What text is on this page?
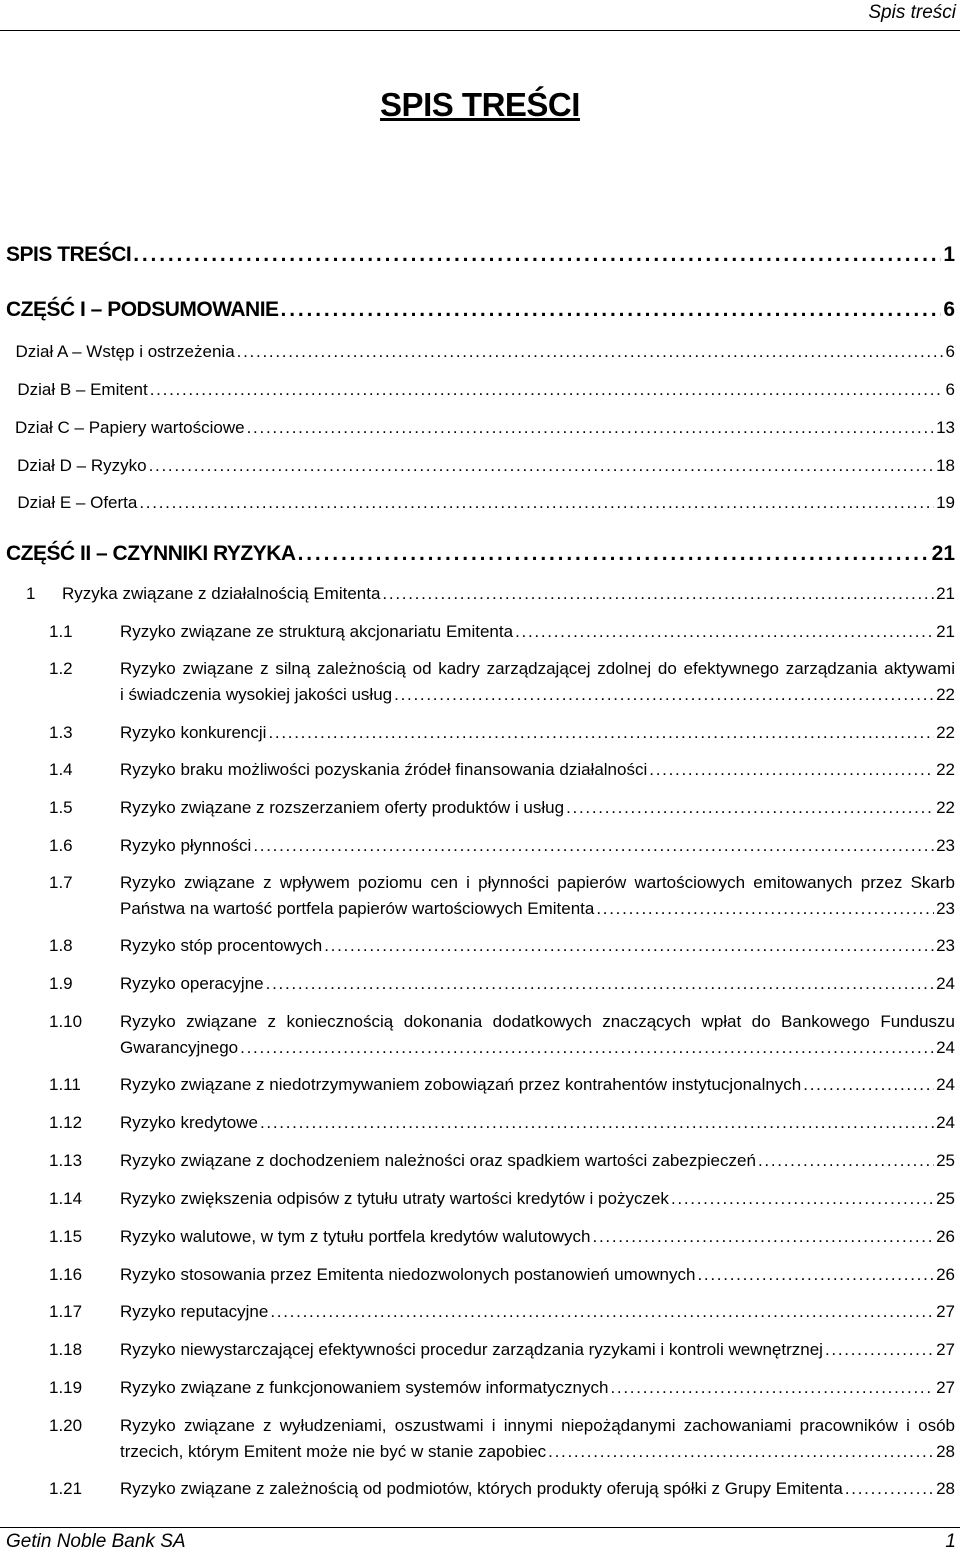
Spis treści
SPIS TREŚCI
SPIS TREŚCI . . .	1
CZĘŚĆ I – PODSUMOWANIE . . .	6
Dział A – Wstęp i ostrzeżenia . . .	6
Dział B – Emitent . . .	6
Dział C – Papiery wartościowe . . .	13
Dział D – Ryzyko . . .	18
Dział E – Oferta . . .	19
CZĘŚĆ II – CZYNNIKI RYZYKA . . .	21
1	Ryzyka związane z działalnością Emitenta . . .	21
1.1	Ryzyko związane ze strukturą akcjonariatu Emitenta . . .	21
1.2	Ryzyko związane z silną zależnością od kadry zarządzającej zdolnej do efektywnego zarządzania aktywami
i świadczenia wysokiej jakości usług . . .	22
1.3	Ryzyko konkurencji . . .	22
1.4	Ryzyko braku możliwości pozyskania źródeł finansowania działalności . . .	22
1.5	Ryzyko związane z rozszerzaniem oferty produktów i usług . . .	22
1.6	Ryzyko płynności . . .	23
1.7	Ryzyko związane z wpływem poziomu cen i płynności papierów wartościowych emitowanych przez Skarb
Państwa na wartość portfela papierów wartościowych Emitenta . . .	23
1.8	Ryzyko stóp procentowych . . .	23
1.9	Ryzyko operacyjne . . .	24
1.10	Ryzyko związane z koniecznością dokonania dodatkowych znaczących wpłat do Bankowego Funduszu
Gwarancyjnego . . .	24
1.11	Ryzyko związane z niedotrzymywaniem zobowiązań przez kontrahentów instytucjonalnych . . .	24
1.12	Ryzyko kredytowe . . .	24
1.13	Ryzyko związane z dochodzeniem należności oraz spadkiem wartości zabezpieczeń . . .	25
1.14	Ryzyko zwiększenia odpisów z tytułu utraty wartości kredytów i pożyczek . . .	25
1.15	Ryzyko walutowe, w tym z tytułu portfela kredytów walutowych . . .	26
1.16	Ryzyko stosowania przez Emitenta niedozwolonych postanowień umownych . . .	26
1.17	Ryzyko reputacyjne . . .	27
1.18	Ryzyko niewystarczającej efektywności procedur zarządzania ryzykami i kontroli wewnętrznej . . .	27
1.19	Ryzyko związane z funkcjonowaniem systemów informatycznych . . .	27
1.20	Ryzyko związane z wyłudzeniami, oszustwami i innymi niepożądanymi zachowaniami pracowników i osób
trzecich, którym Emitent może nie być w stanie zapobiec . . .	28
1.21	Ryzyko związane z zależnością od podmiotów, których produkty oferują spółki z Grupy Emitenta . . .	28
Getin Noble Bank SA	1
